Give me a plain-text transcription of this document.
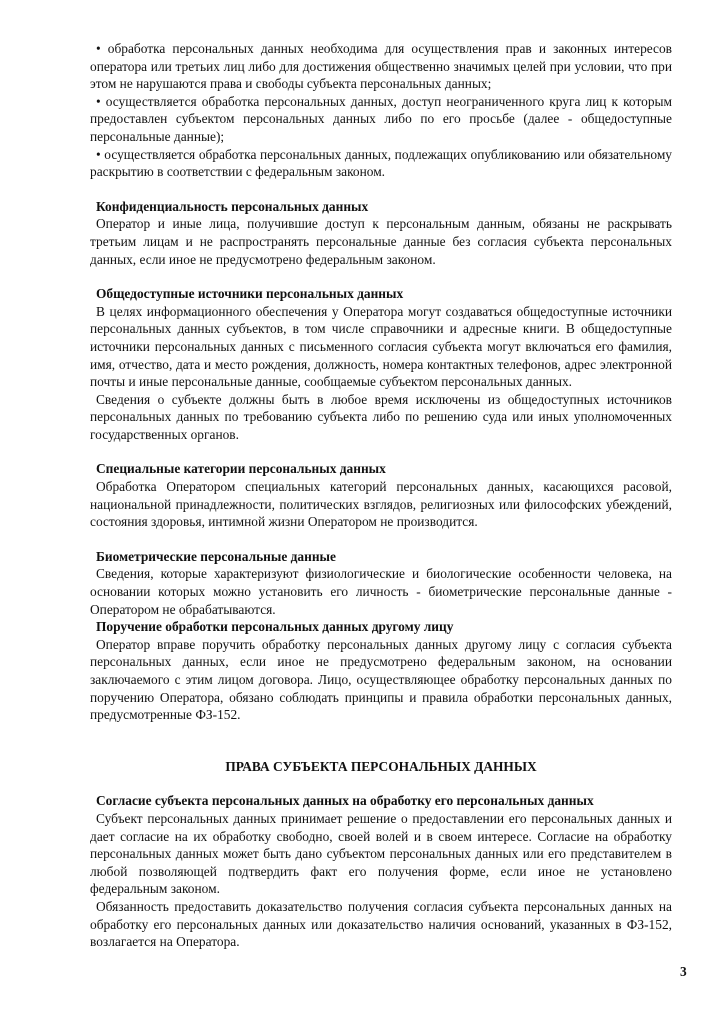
• обработка персональных данных необходима для осуществления прав и законных интересов оператора или третьих лиц либо для достижения общественно значимых целей при условии, что при этом не нарушаются права и свободы субъекта персональных данных;

• осуществляется обработка персональных данных, доступ неограниченного круга лиц к которым предоставлен субъектом персональных данных либо по его просьбе (далее - общедоступные персональные данные);

• осуществляется обработка персональных данных, подлежащих опубликованию или обязательному раскрытию в соответствии с федеральным законом.

Конфиденциальность персональных данных

Оператор и иные лица, получившие доступ к персональным данным, обязаны не раскрывать третьим лицам и не распространять персональные данные без согласия субъекта персональных данных, если иное не предусмотрено федеральным законом.

Общедоступные источники персональных данных

В целях информационного обеспечения у Оператора могут создаваться общедоступные источники персональных данных субъектов, в том числе справочники и адресные книги. В общедоступные источники персональных данных с письменного согласия субъекта могут включаться его фамилия, имя, отчество, дата и место рождения, должность, номера контактных телефонов, адрес электронной почты и иные персональные данные, сообщаемые субъектом персональных данных.

Сведения о субъекте должны быть в любое время исключены из общедоступных источников персональных данных по требованию субъекта либо по решению суда или иных уполномоченных государственных органов.

Специальные категории персональных данных

Обработка Оператором специальных категорий персональных данных, касающихся расовой, национальной принадлежности, политических взглядов, религиозных или философских убеждений, состояния здоровья, интимной жизни Оператором не производится.

Биометрические персональные данные

Сведения, которые характеризуют физиологические и биологические особенности человека, на основании которых можно установить его личность - биометрические персональные данные - Оператором не обрабатываются.

Поручение обработки персональных данных другому лицу

Оператор вправе поручить обработку персональных данных другому лицу с согласия субъекта персональных данных, если иное не предусмотрено федеральным законом, на основании заключаемого с этим лицом договора. Лицо, осуществляющее обработку персональных данных по поручению Оператора, обязано соблюдать принципы и правила обработки персональных данных, предусмотренные ФЗ-152.

ПРАВА СУБЪЕКТА ПЕРСОНАЛЬНЫХ ДАННЫХ

Согласие субъекта персональных данных на обработку его персональных данных

Субъект персональных данных принимает решение о предоставлении его персональных данных и дает согласие на их обработку свободно, своей волей и в своем интересе. Согласие на обработку персональных данных может быть дано субъектом персональных данных или его представителем в любой позволяющей подтвердить факт его получения форме, если иное не установлено федеральным законом.

Обязанность предоставить доказательство получения согласия субъекта персональных данных на обработку его персональных данных или доказательство наличия оснований, указанных в ФЗ-152, возлагается на Оператора.

3
